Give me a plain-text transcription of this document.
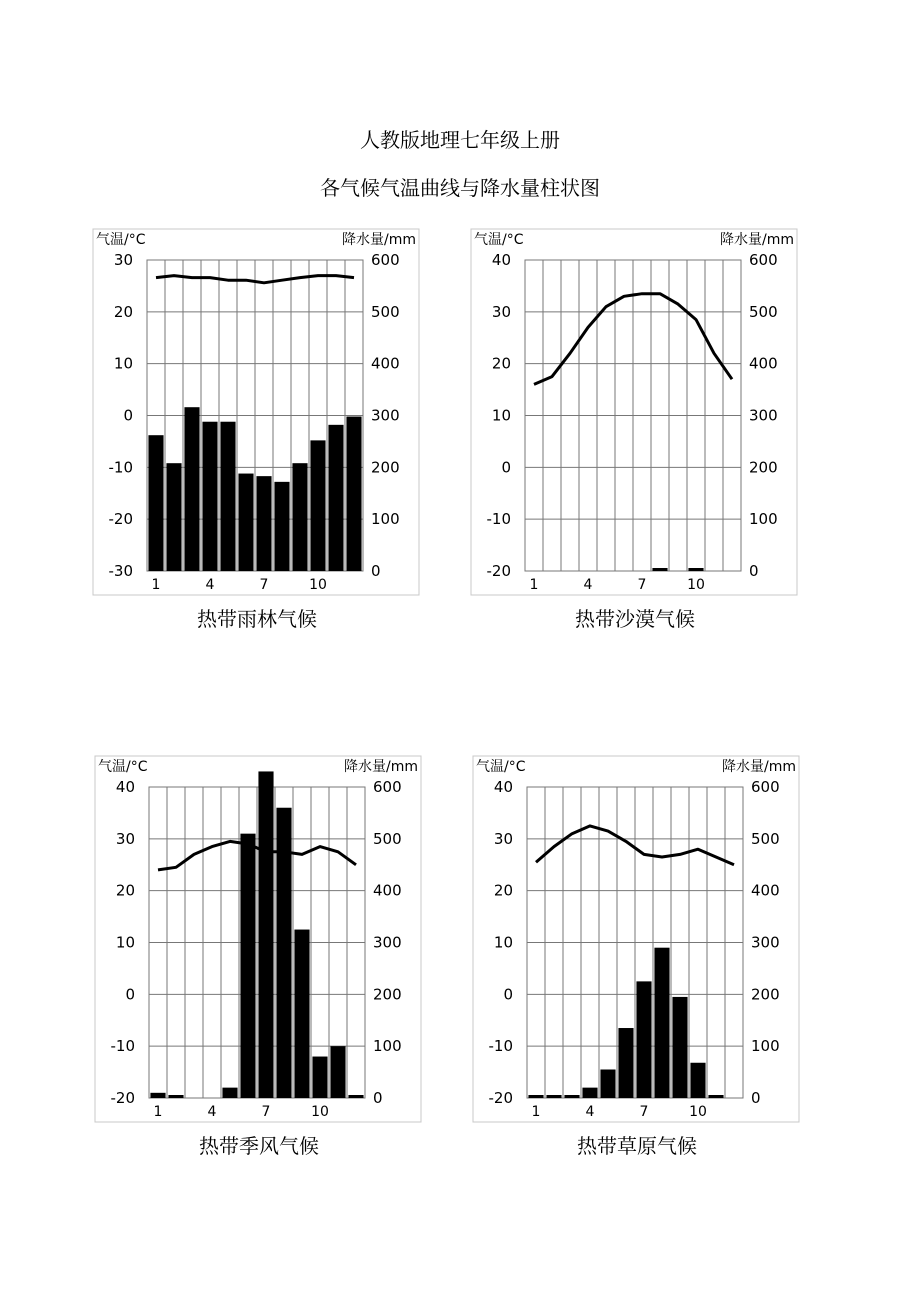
人教版地理七年级上册
各气候气温曲线与降水量柱状图
气温/°C	降水量/mm
30
20
10
0
-10
-20
-30
600
500
400
300
200
100
0
1	4	7	10
热带雨林气候
气温/°C	降水量/mm
40
30
20
10
0
-10
-20
600
500
400
300
200
100
0
1	4	7	10
热带沙漠气候
气温/°C	降水量/mm
40
30
20
10
0
-10
-20
600
500
400
300
200
100
0
1	4	7	10
热带季风气候
气温/°C	降水量/mm
40
30
20
10
0
-10
-20
600
500
400
300
200
100
0
1	4	7	10
热带草原气候
